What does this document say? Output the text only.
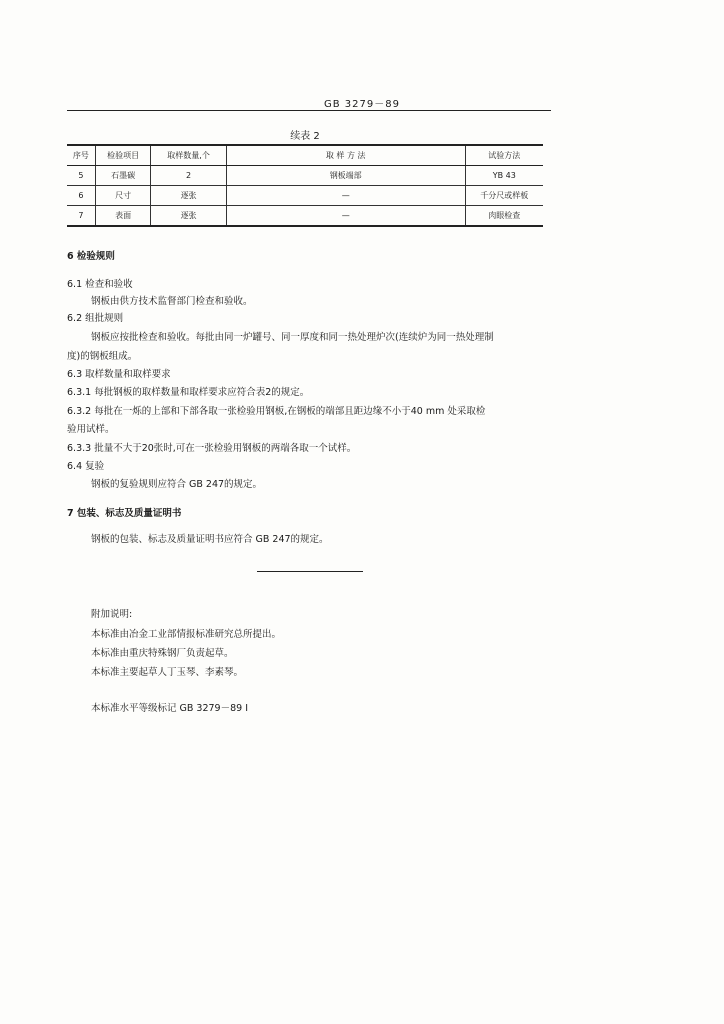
GB 3279－89
续表 2
序号	检验项目	取样数量,个	取 样 方 法	试验方法
5	石墨碳	2	钢板端部	YB 43
6	尺寸	逐张	—	千分尺或样板
7	表面	逐张	—	肉眼检查
6 检验规则
6.1 检查和验收
钢板由供方技术监督部门检查和验收。
6.2 组批规则
钢板应按批检查和验收。每批由同一炉罐号、同一厚度和同一热处理炉次(连续炉为同一热处理制
度)的钢板组成。
6.3 取样数量和取样要求
6.3.1 每批钢板的取样数量和取样要求应符合表2的规定。
6.3.2 每批在一烁的上部和下部各取一张检验用钢板,在钢板的端部且距边缘不小于40 mm 处采取检
验用试样。
6.3.3 批量不大于20张时,可在一张检验用钢板的两端各取一个试样。
6.4 复验
钢板的复验规则应符合 GB 247的规定。
7 包装、标志及质量证明书
钢板的包装、标志及质量证明书应符合 GB 247的规定。
附加说明:
本标准由冶金工业部情报标准研究总所提出。
本标准由重庆特殊钢厂负责起草。
本标准主要起草人丁玉琴、李素琴。
本标准水平等级标记 GB 3279－89 I
